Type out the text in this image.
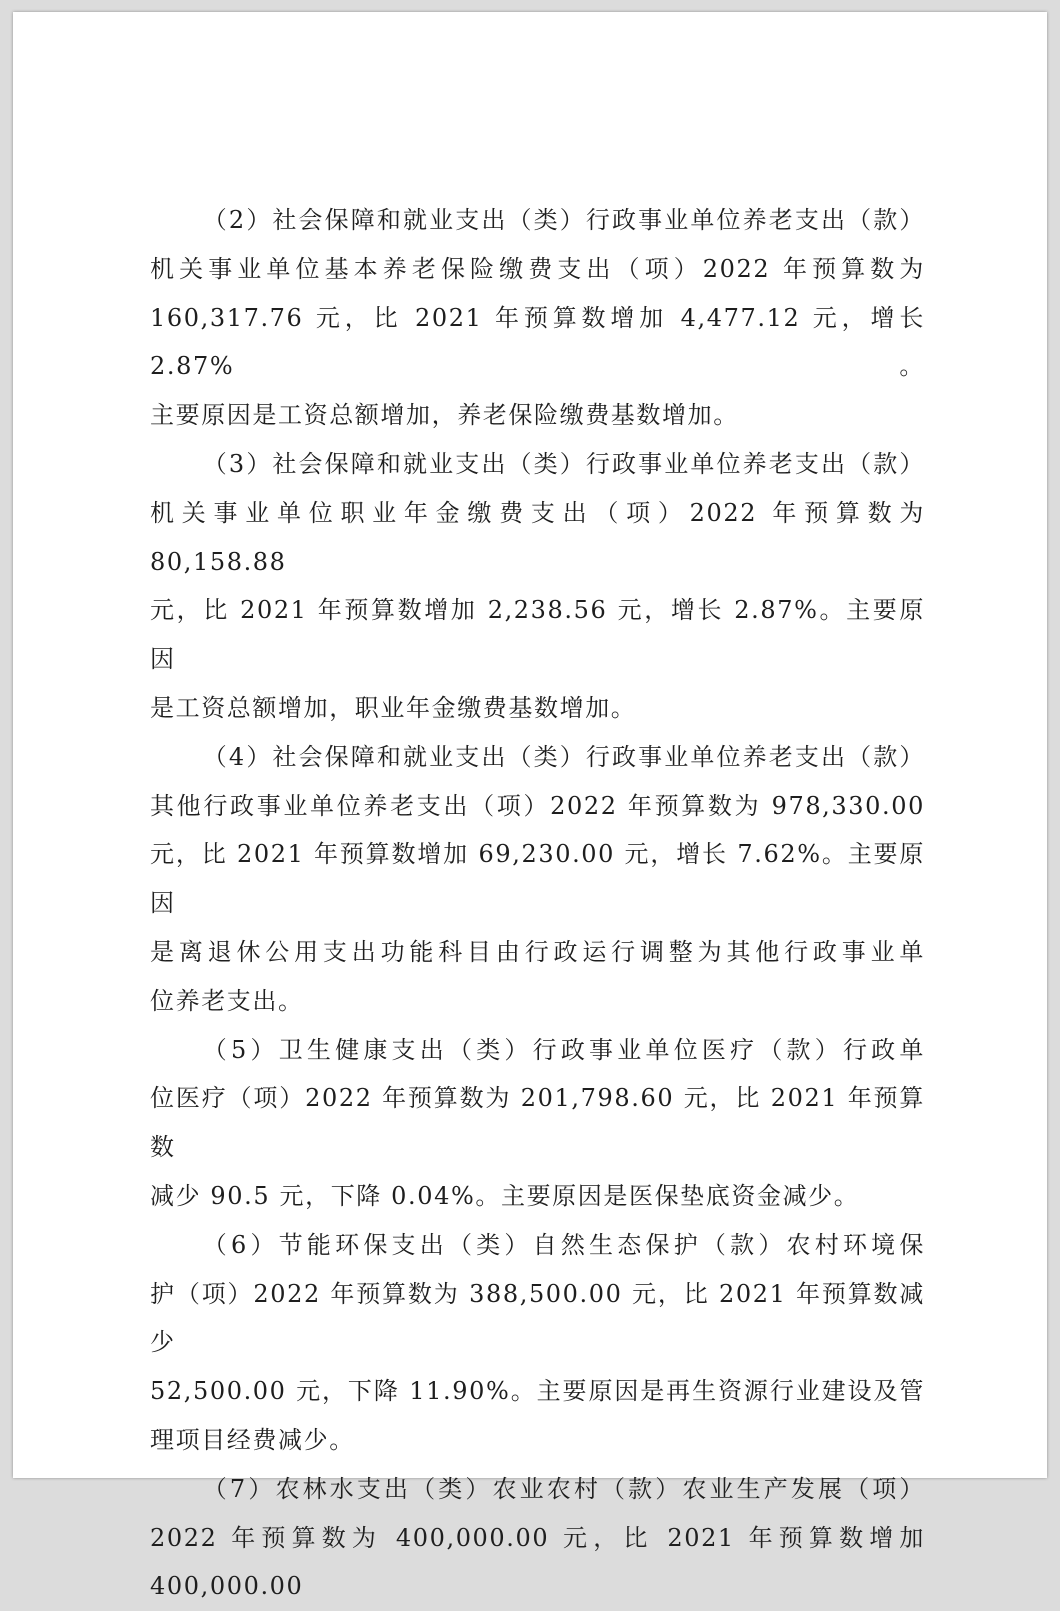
（2）社会保障和就业支出（类）行政事业单位养老支出（款）
机关事业单位基本养老保险缴费支出（项）2022 年预算数为
160,317.76 元，比 2021 年预算数增加 4,477.12 元，增长 2.87%。
主要原因是工资总额增加，养老保险缴费基数增加。

（3）社会保障和就业支出（类）行政事业单位养老支出（款）
机关事业单位职业年金缴费支出（项）2022 年预算数为 80,158.88
元，比 2021 年预算数增加 2,238.56 元，增长 2.87%。主要原因
是工资总额增加，职业年金缴费基数增加。

（4）社会保障和就业支出（类）行政事业单位养老支出（款）
其他行政事业单位养老支出（项）2022 年预算数为 978,330.00
元，比 2021 年预算数增加 69,230.00 元，增长 7.62%。主要原因
是离退休公用支出功能科目由行政运行调整为其他行政事业单
位养老支出。

（5）卫生健康支出（类）行政事业单位医疗（款）行政单
位医疗（项）2022 年预算数为 201,798.60 元，比 2021 年预算数
减少 90.5 元，下降 0.04%。主要原因是医保垫底资金减少。

（6）节能环保支出（类）自然生态保护（款）农村环境保
护（项）2022 年预算数为 388,500.00 元，比 2021 年预算数减少
52,500.00 元，下降 11.90%。主要原因是再生资源行业建设及管
理项目经费减少。

（7）农林水支出（类）农业农村（款）农业生产发展（项）
2022 年预算数为 400,000.00 元，比 2021 年预算数增加 400,000.00
